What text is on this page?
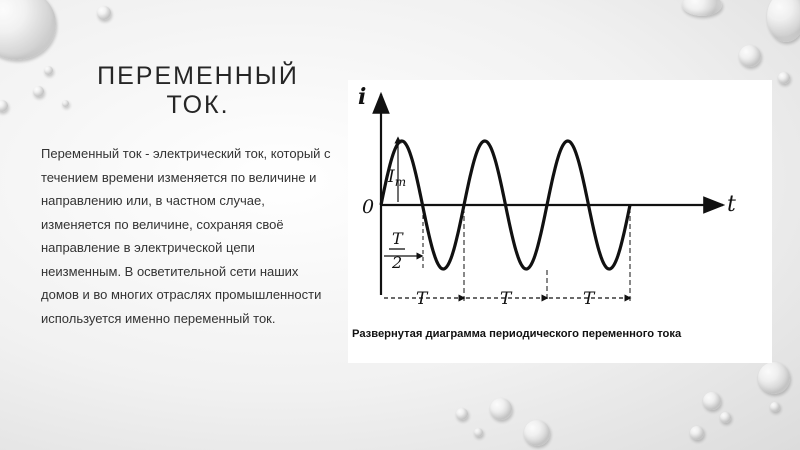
ПЕРЕМЕННЫЙ ТОК.

Переменный ток - электрический ток, который с течением времени изменяется по величине и направлению или, в частном случае, изменяется по величине, сохраняя своё направление в электрической цепи неизменным. В осветительной сети наших домов и во многих отраслях промышленности используется именно переменный ток.

i
t
0
$I_m$
T
2
T	T	T

Развернутая диаграмма периодического переменного тока
